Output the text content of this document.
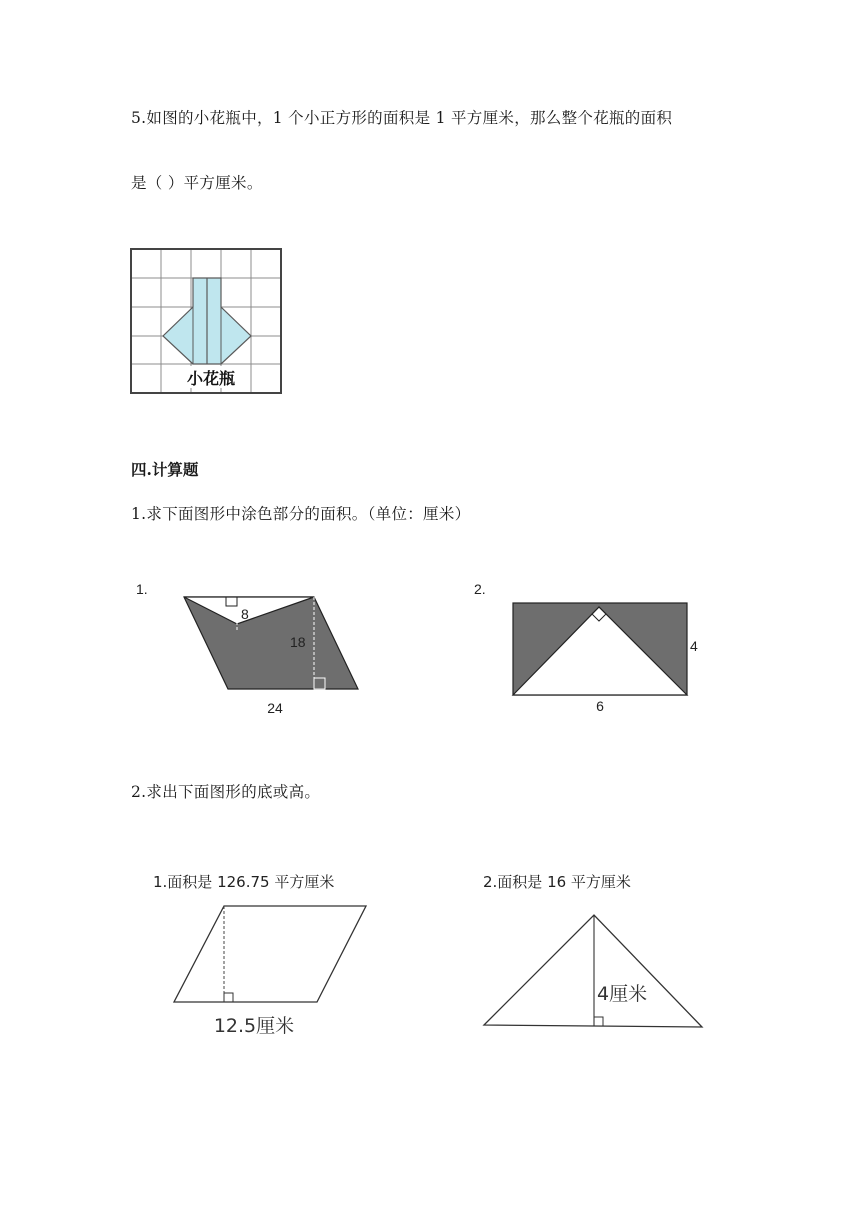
5.如图的小花瓶中，1 个小正方形的面积是 1 平方厘米，那么整个花瓶的面积
是（ ）平方厘米。
小花瓶
四.计算题
1.求下面图形中涂色部分的面积。（单位：厘米）
1.
8
18
24
2.
4
6
2.求出下面图形的底或高。
1.面积是 126.75 平方厘米
12.5厘米
2.面积是 16 平方厘米
4厘米
